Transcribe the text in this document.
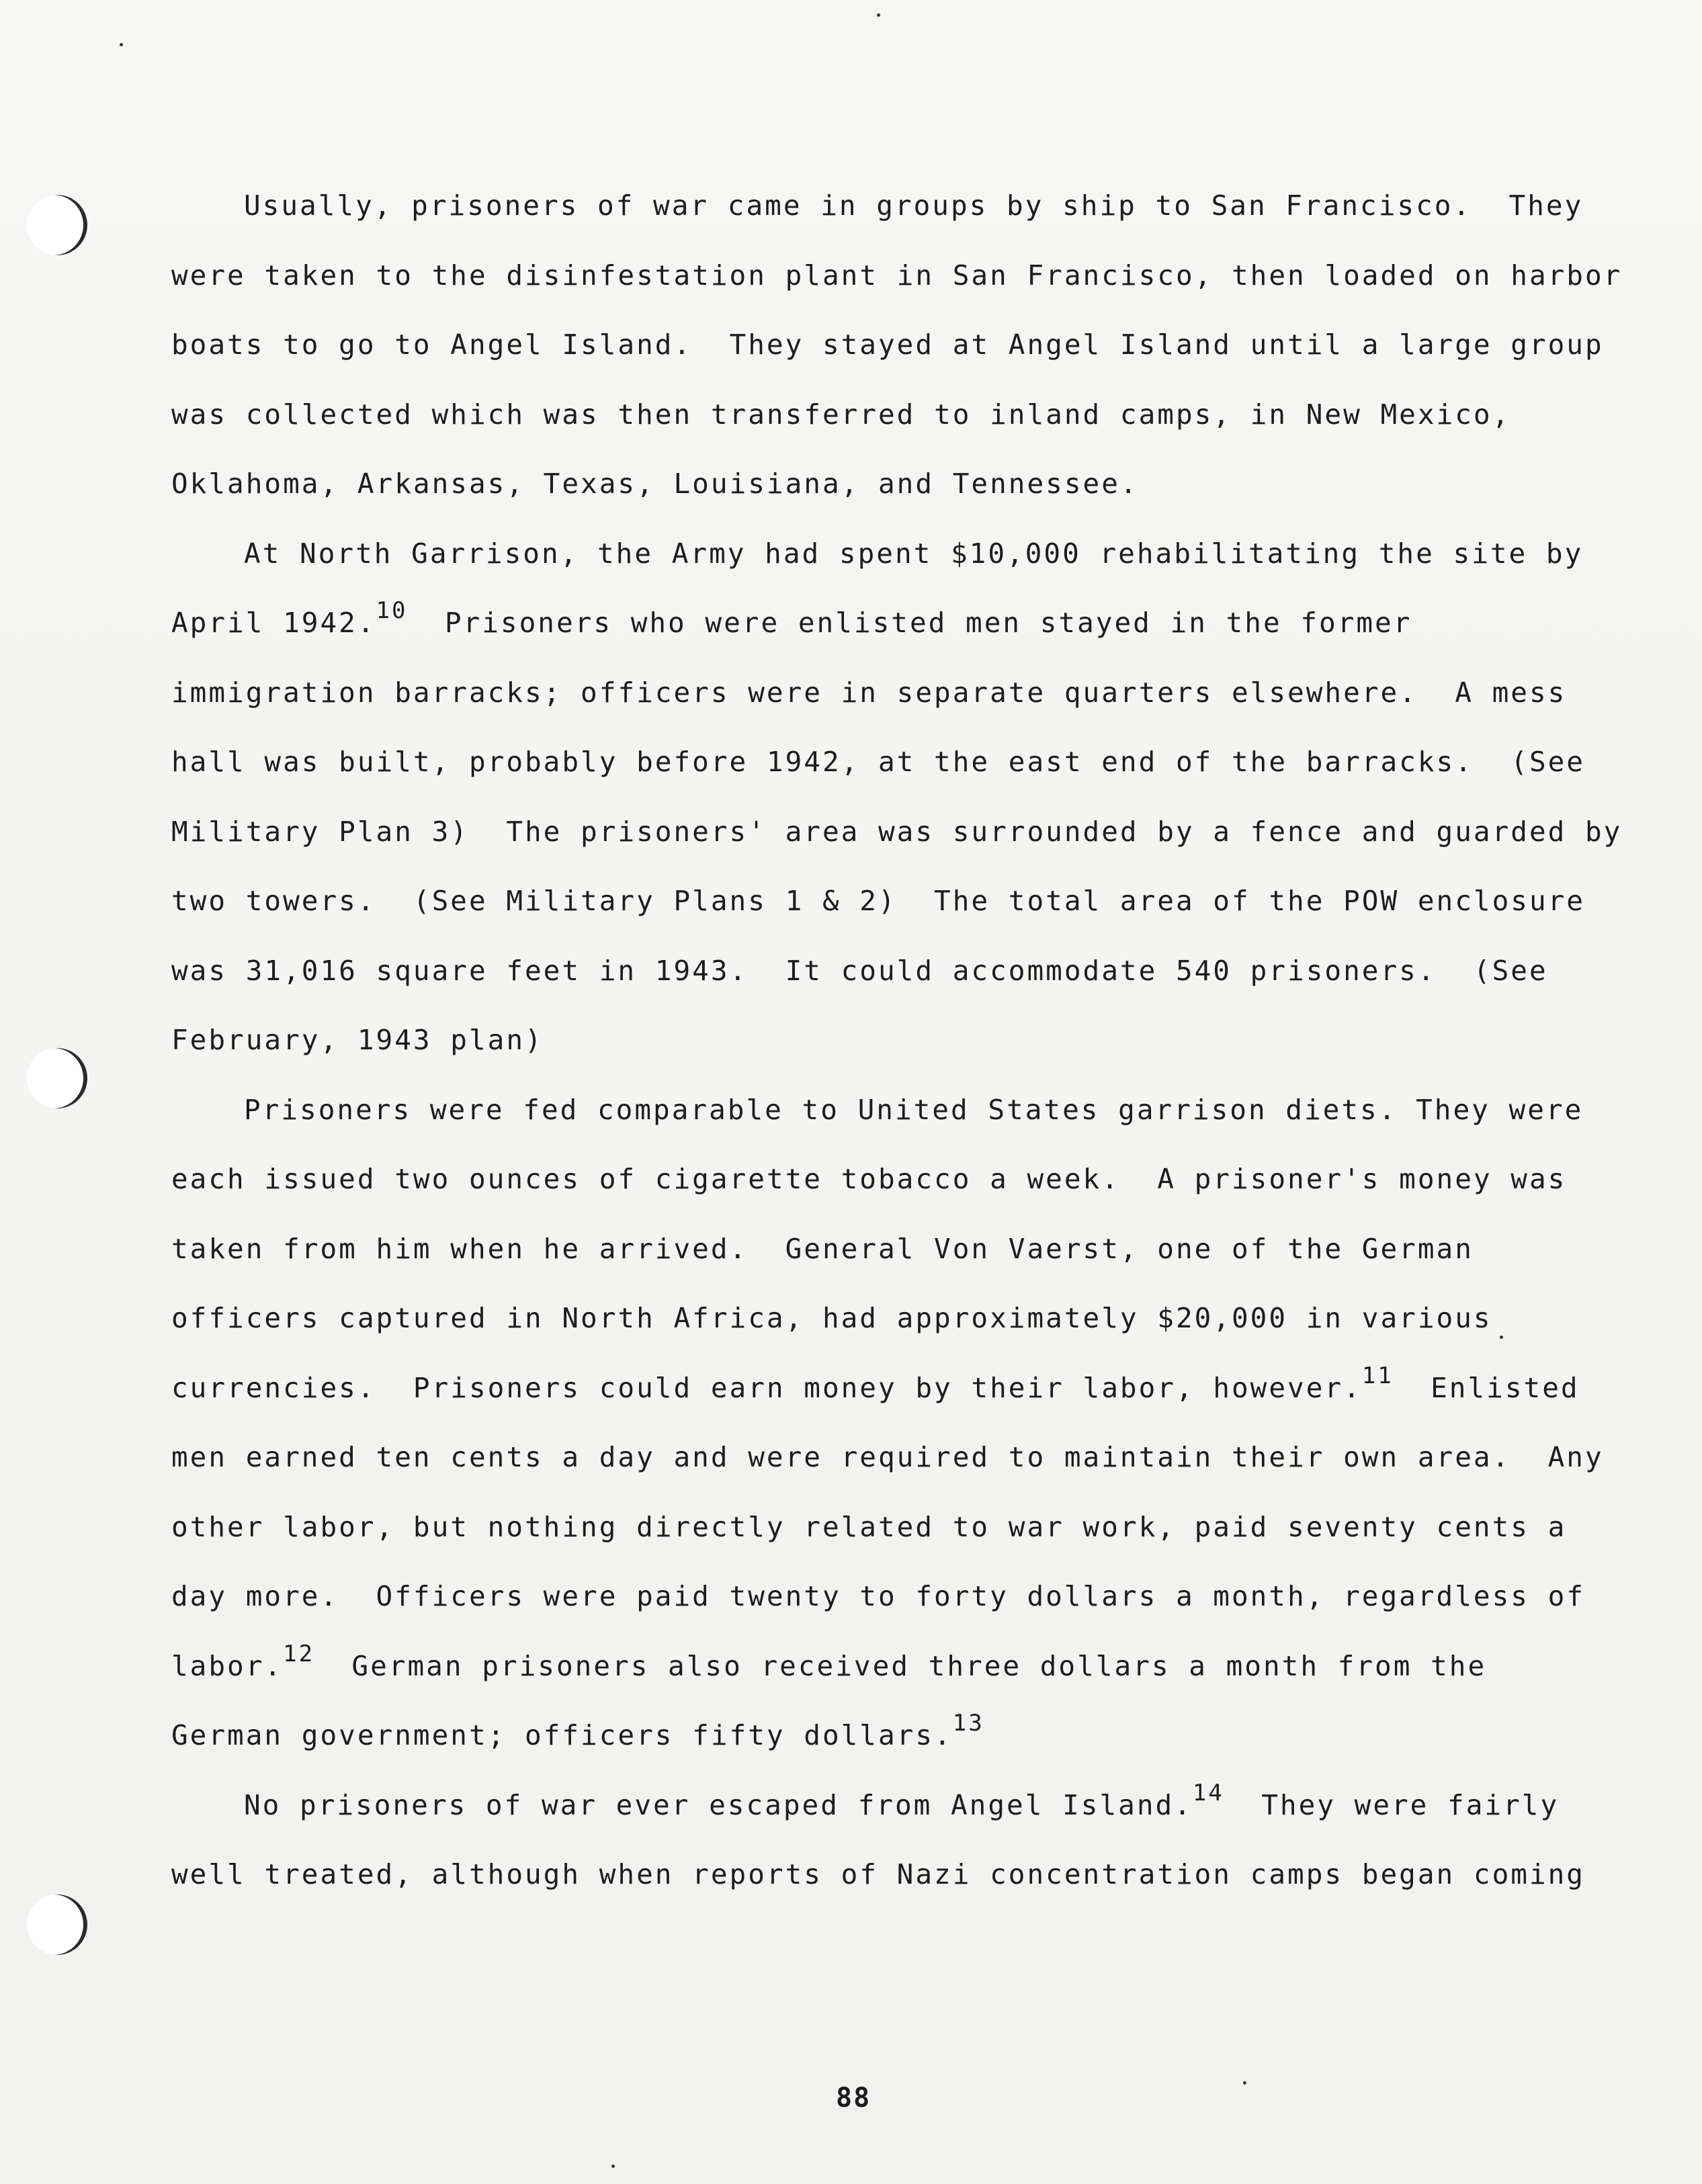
Usually, prisoners of war came in groups by ship to San Francisco.  They
were taken to the disinfestation plant in San Francisco, then loaded on harbor
boats to go to Angel Island.  They stayed at Angel Island until a large group
was collected which was then transferred to inland camps, in New Mexico,
Oklahoma, Arkansas, Texas, Louisiana, and Tennessee.
At North Garrison, the Army had spent $10,000 rehabilitating the site by
April 1942.10  Prisoners who were enlisted men stayed in the former
immigration barracks; officers were in separate quarters elsewhere.  A mess
hall was built, probably before 1942, at the east end of the barracks.  (See
Military Plan 3)  The prisoners' area was surrounded by a fence and guarded by
two towers.  (See Military Plans 1 & 2)  The total area of the POW enclosure
was 31,016 square feet in 1943.  It could accommodate 540 prisoners.  (See
February, 1943 plan)
Prisoners were fed comparable to United States garrison diets. They were
each issued two ounces of cigarette tobacco a week.  A prisoner's money was
taken from him when he arrived.  General Von Vaerst, one of the German
officers captured in North Africa, had approximately $20,000 in various
currencies.  Prisoners could earn money by their labor, however.$^{11}$  Enlisted
men earned ten cents a day and were required to maintain their own area.  Any
other labor, but nothing directly related to war work, paid seventy cents a
day more.  Officers were paid twenty to forty dollars a month, regardless of
labor.$^{12}$  German prisoners also received three dollars a month from the
German government; officers fifty dollars.$^{13}$
No prisoners of war ever escaped from Angel Island.$^{14}$  They were fairly
well treated, although when reports of Nazi concentration camps began coming
88
